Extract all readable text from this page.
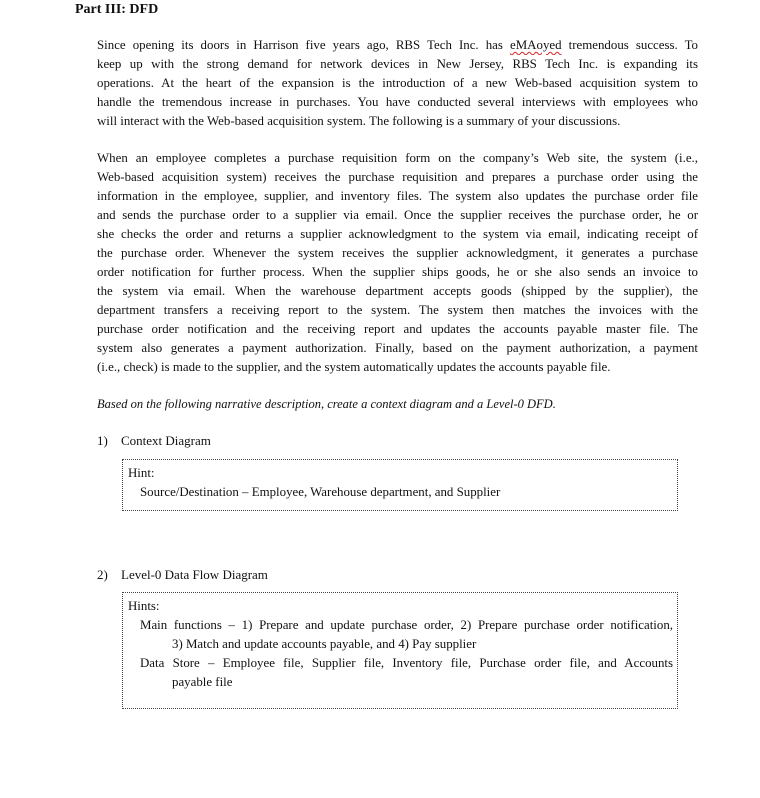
Part III: DFD
Since opening its doors in Harrison five years ago, RBS Tech Inc. has eMAoyed tremendous success. To
keep up with the strong demand for network devices in New Jersey, RBS Tech Inc. is expanding its
operations. At the heart of the expansion is the introduction of a new Web-based acquisition system to
handle the tremendous increase in purchases. You have conducted several interviews with employees who
will interact with the Web-based acquisition system. The following is a summary of your discussions.
When an employee completes a purchase requisition form on the company’s Web site, the system (i.e.,
Web-based acquisition system) receives the purchase requisition and prepares a purchase order using the
information in the employee, supplier, and inventory files. The system also updates the purchase order file
and sends the purchase order to a supplier via email. Once the supplier receives the purchase order, he or
she checks the order and returns a supplier acknowledgment to the system via email, indicating receipt of
the purchase order. Whenever the system receives the supplier acknowledgment, it generates a purchase
order notification for further process. When the supplier ships goods, he or she also sends an invoice to
the system via email. When the warehouse department accepts goods (shipped by the supplier), the
department transfers a receiving report to the system. The system then matches the invoices with the
purchase order notification and the receiving report and updates the accounts payable master file. The
system also generates a payment authorization. Finally, based on the payment authorization, a payment
(i.e., check) is made to the supplier, and the system automatically updates the accounts payable file.
Based on the following narrative description, create a context diagram and a Level-0 DFD.
1) Context Diagram
Hint:
Source/Destination – Employee, Warehouse department, and Supplier
2) Level-0 Data Flow Diagram
Hints:
Main functions – 1) Prepare and update purchase order, 2) Prepare purchase order notification,
3) Match and update accounts payable, and 4) Pay supplier
Data Store – Employee file, Supplier file, Inventory file, Purchase order file, and Accounts
payable file
